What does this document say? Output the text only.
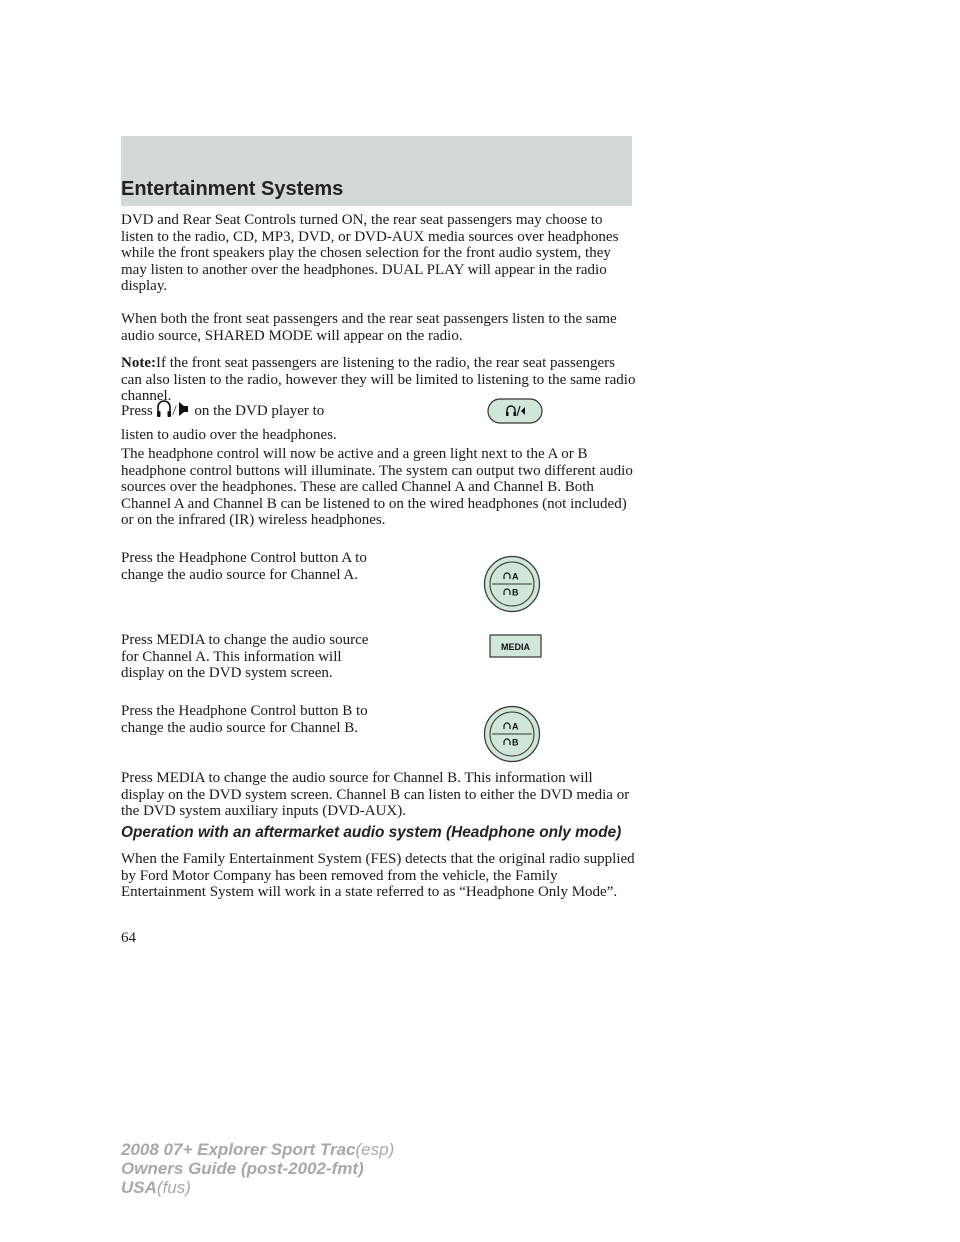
Entertainment Systems

DVD and Rear Seat Controls turned ON, the rear seat passengers may choose to listen to the radio, CD, MP3, DVD, or DVD-AUX media sources over headphones while the front speakers play the chosen selection for the front audio system, they may listen to another over the headphones. DUAL PLAY will appear in the radio display.

When both the front seat passengers and the rear seat passengers listen to the same audio source, SHARED MODE will appear on the radio.

Note:If the front seat passengers are listening to the radio, the rear seat passengers can also listen to the radio, however they will be limited to listening to the same radio channel.

Press / on the DVD player to

listen to audio over the headphones.

The headphone control will now be active and a green light next to the A or B headphone control buttons will illuminate. The system can output two different audio sources over the headphones. These are called Channel A and Channel B. Both Channel A and Channel B can be listened to on the wired headphones (not included) or on the infrared (IR) wireless headphones.

Press the Headphone Control button A to change the audio source for Channel A.	A
B

Press MEDIA to change the audio source for Channel A. This information will display on the DVD system screen.

MEDIA

Press the Headphone Control button B to change the audio source for Channel B.	A
B

Press MEDIA to change the audio source for Channel B. This information will display on the DVD system screen. Channel B can listen to either the DVD media or the DVD system auxiliary inputs (DVD-AUX).

Operation with an aftermarket audio system (Headphone only mode)

When the Family Entertainment System (FES) detects that the original radio supplied by Ford Motor Company has been removed from the vehicle, the Family Entertainment System will work in a state referred to as “Headphone Only Mode”.

64
2008 07+ Explorer Sport Trac(esp)
Owners Guide (post-2002-fmt)
USA(fus)
